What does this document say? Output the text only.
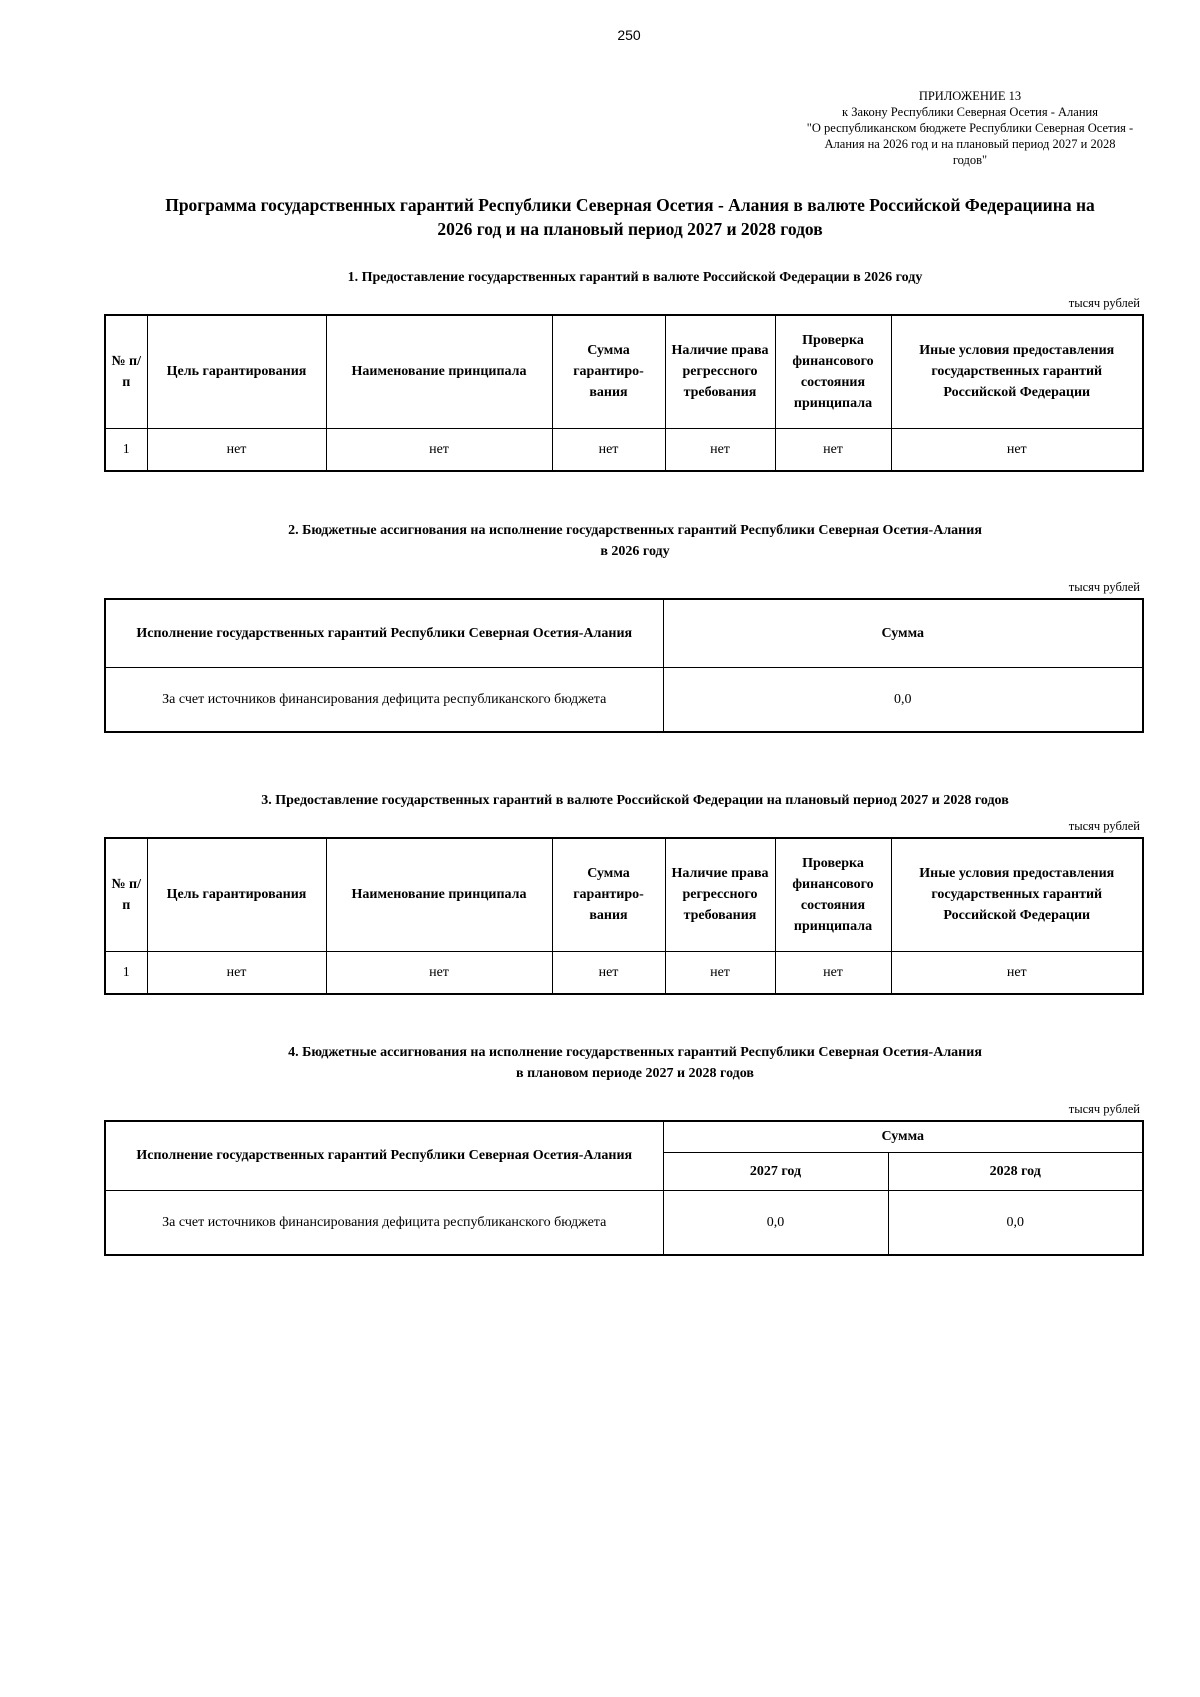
250
ПРИЛОЖЕНИЕ 13
к Закону Республики Северная Осетия - Алания
"О республиканском бюджете Республики Северная Осетия -
Алания на 2026 год и на плановый период 2027 и 2028
годов"
Программа государственных гарантий Республики Северная Осетия - Алания в валюте Российской Федерациина на
2026 год и на плановый период 2027 и 2028 годов
1. Предоставление государственных гарантий в валюте Российской Федерации в 2026 году
тысяч рублей
№ п/п	Цель гарантирования	Наименование принципала	Сумма гарантиро-вания	Наличие права регрессного требования	Проверка финансового состояния принципала	Иные условия предоставления государственных гарантий Российской Федерации
1	нет	нет	нет	нет	нет	нет
2. Бюджетные ассигнования на исполнение государственных гарантий Республики Северная Осетия-Алания
в 2026 году
тысяч рублей
Исполнение государственных гарантий Республики Северная Осетия-Алания	Сумма
За счет источников финансирования дефицита республиканского бюджета	0,0
3. Предоставление государственных гарантий в валюте Российской Федерации на плановый период 2027 и 2028 годов
тысяч рублей
№ п/п	Цель гарантирования	Наименование принципала	Сумма гарантиро-вания	Наличие права регрессного требования	Проверка финансового состояния принципала	Иные условия предоставления государственных гарантий Российской Федерации
1	нет	нет	нет	нет	нет	нет
4. Бюджетные ассигнования на исполнение государственных гарантий Республики Северная Осетия-Алания
в плановом периоде 2027 и 2028 годов
тысяч рублей
Исполнение государственных гарантий Республики Северная Осетия-Алания	Сумма	
	2027 год	2028 год
За счет источников финансирования дефицита республиканского бюджета	0,0	0,0
